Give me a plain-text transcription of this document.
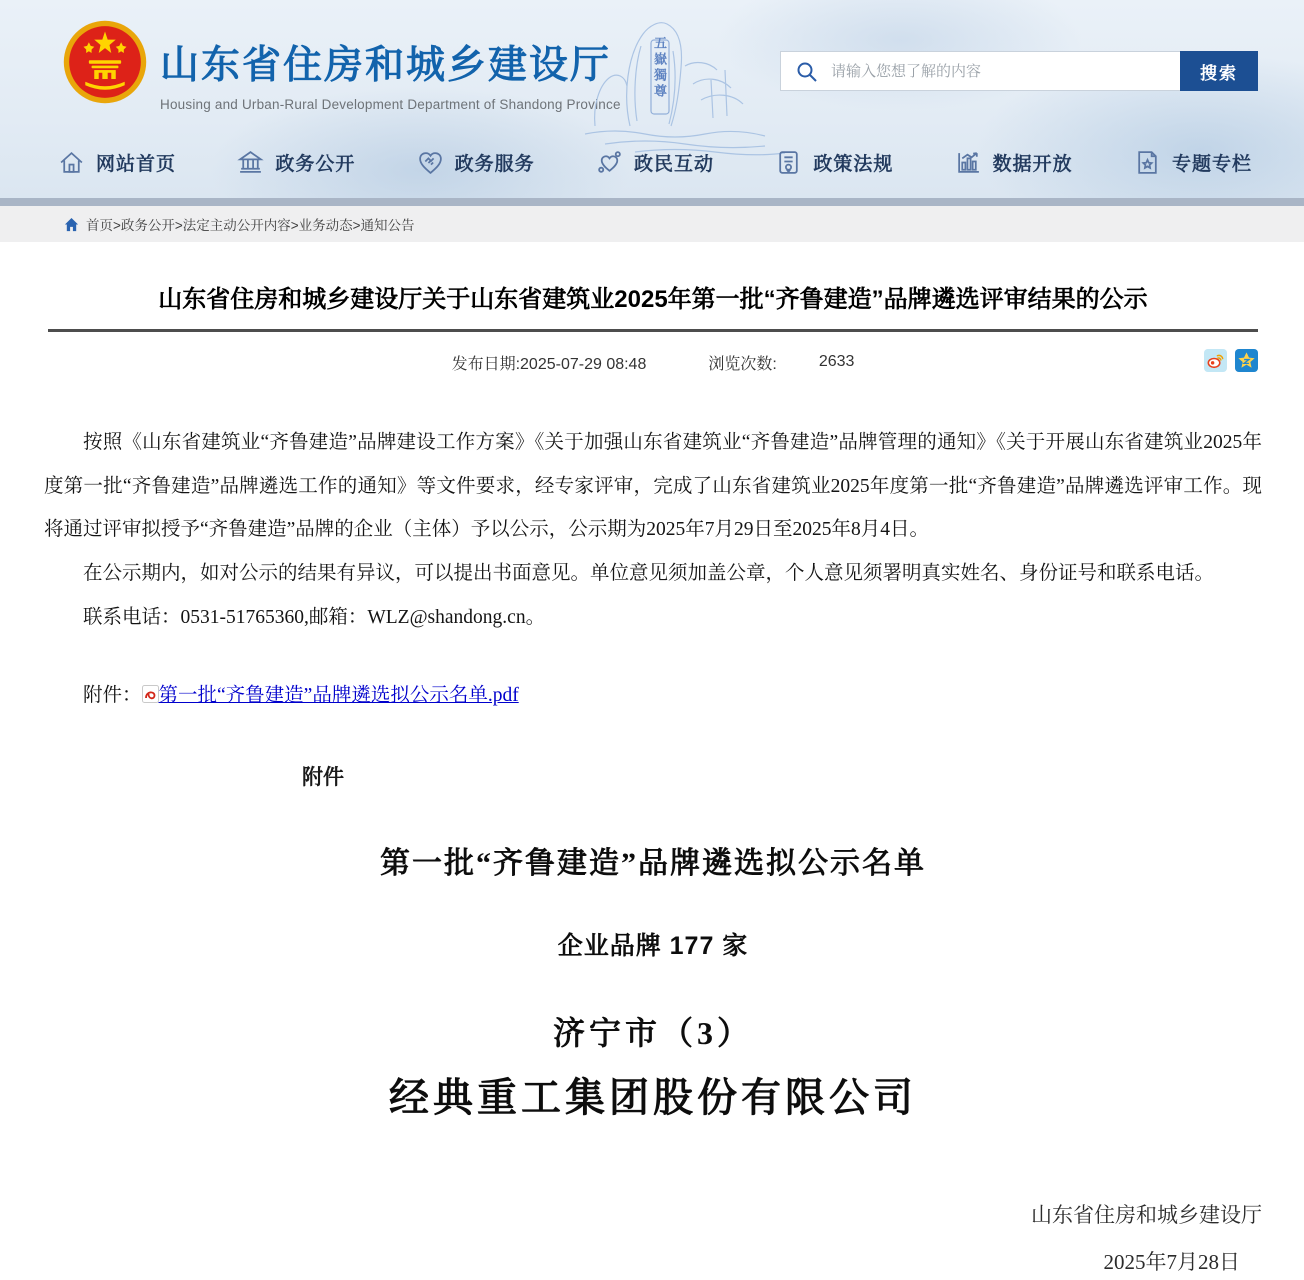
山东省住房和城乡建设厅
Housing and Urban-Rural Development Department of Shandong Province
五嶽獨尊
请输入您想了解的内容	搜索
网站首页	政务公开	政务服务	政民互动	政策法规	数据开放	专题专栏
首页>政务公开>法定主动公开内容>业务动态>通知公告
山东省住房和城乡建设厅关于山东省建筑业2025年第一批“齐鲁建造”品牌遴选评审结果的公示
发布日期:2025-07-29 08:48	浏览次数:	2633

按照《山东省建筑业“齐鲁建造”品牌建设工作方案》《关于加强山东省建筑业“齐鲁建造”品牌管理的通知》《关于开展山东省建筑业2025年度第一批“齐鲁建造”品牌遴选工作的通知》等文件要求，经专家评审，完成了山东省建筑业2025年度第一批“齐鲁建造”品牌遴选评审工作。现将通过评审拟授予“齐鲁建造”品牌的企业（主体）予以公示，公示期为2025年7月29日至2025年8月4日。

在公示期内，如对公示的结果有异议，可以提出书面意见。单位意见须加盖公章，个人意见须署明真实姓名、身份证号和联系电话。

联系电话：0531-51765360,邮箱：WLZ@shandong.cn。

附件： 第一批“齐鲁建造”品牌遴选拟公示名单.pdf
附件
第一批“齐鲁建造”品牌遴选拟公示名单
企业品牌 177 家
济宁市（3）
经典重工集团股份有限公司
山东省住房和城乡建设厅
2025年7月28日
